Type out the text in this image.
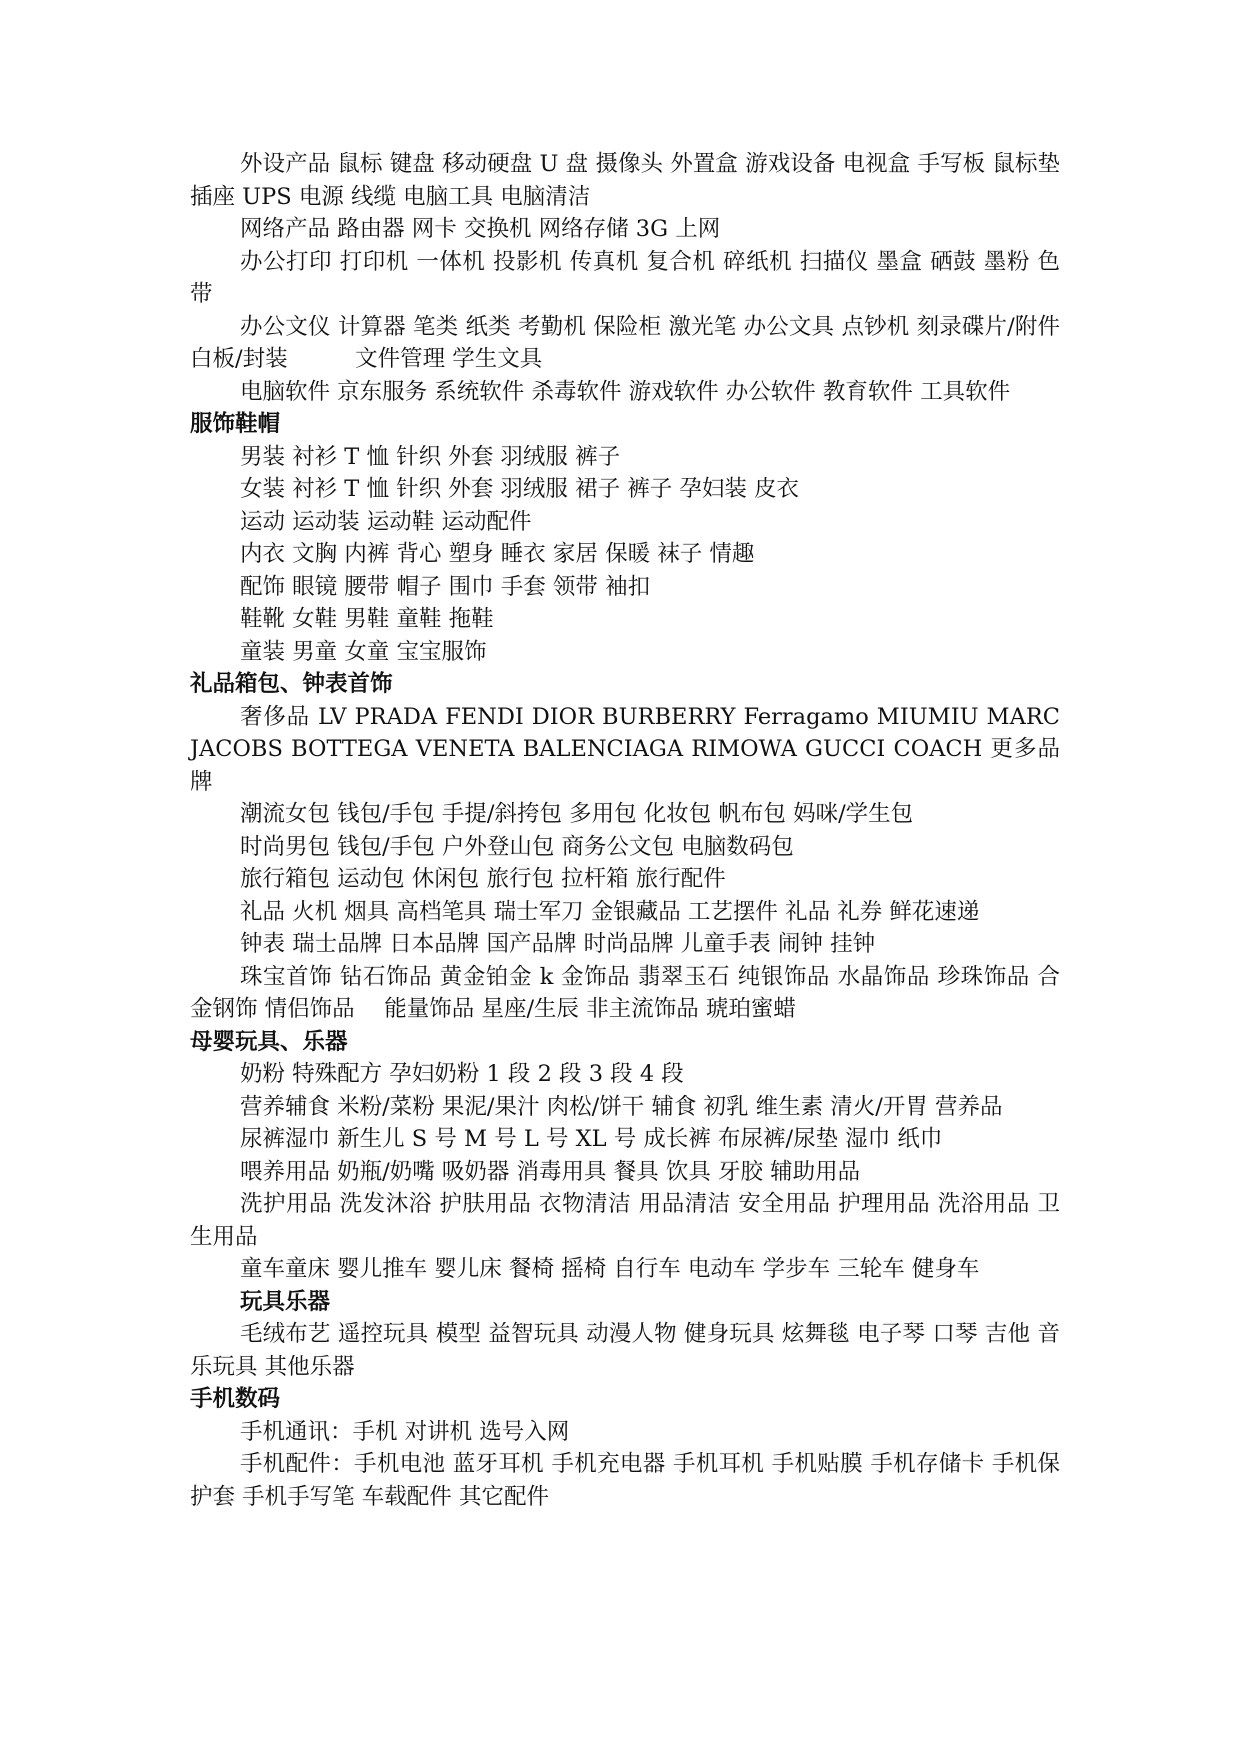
外设产品 鼠标 键盘 移动硬盘 U 盘 摄像头 外置盒 游戏设备 电视盒 手写板 鼠标垫 插座 UPS 电源 线缆 电脑工具 电脑清洁

网络产品 路由器 网卡 交换机 网络存储 3G 上网

办公打印 打印机 一体机 投影机 传真机 复合机 碎纸机 扫描仪 墨盒 硒鼓 墨粉 色带

办公文仪 计算器 笔类 纸类 考勤机 保险柜 激光笔 办公文具 点钞机 刻录碟片/附件 白板/封装　　　文件管理 学生文具

电脑软件 京东服务 系统软件 杀毒软件 游戏软件 办公软件 教育软件 工具软件

服饰鞋帽

男装 衬衫 T 恤 针织 外套 羽绒服 裤子

女装 衬衫 T 恤 针织 外套 羽绒服 裙子 裤子 孕妇装 皮衣

运动 运动装 运动鞋 运动配件

内衣 文胸 内裤 背心 塑身 睡衣 家居 保暖 袜子 情趣

配饰 眼镜 腰带 帽子 围巾 手套 领带 袖扣

鞋靴 女鞋 男鞋 童鞋 拖鞋

童装 男童 女童 宝宝服饰

礼品箱包、钟表首饰

奢侈品 LV PRADA FENDI DIOR BURBERRY Ferragamo MIUMIU MARC JACOBS BOTTEGA VENETA BALENCIAGA RIMOWA GUCCI COACH 更多品牌

潮流女包 钱包/手包 手提/斜挎包 多用包 化妆包 帆布包 妈咪/学生包

时尚男包 钱包/手包 户外登山包 商务公文包 电脑数码包

旅行箱包 运动包 休闲包 旅行包 拉杆箱 旅行配件

礼品 火机 烟具 高档笔具 瑞士军刀 金银藏品 工艺摆件 礼品 礼券 鲜花速递

钟表 瑞士品牌 日本品牌 国产品牌 时尚品牌 儿童手表 闹钟 挂钟

珠宝首饰 钻石饰品 黄金铂金 k 金饰品 翡翠玉石 纯银饰品 水晶饰品 珍珠饰品 合金钢饰 情侣饰品　 能量饰品 星座/生辰 非主流饰品 琥珀蜜蜡

母婴玩具、乐器

奶粉 特殊配方 孕妇奶粉 1 段 2 段 3 段 4 段

营养辅食 米粉/菜粉 果泥/果汁 肉松/饼干 辅食 初乳 维生素 清火/开胃 营养品

尿裤湿巾 新生儿 S 号 M 号 L 号 XL 号 成长裤 布尿裤/尿垫 湿巾 纸巾

喂养用品 奶瓶/奶嘴 吸奶器 消毒用具 餐具 饮具 牙胶 辅助用品

洗护用品 洗发沐浴 护肤用品 衣物清洁 用品清洁 安全用品 护理用品 洗浴用品 卫生用品

童车童床 婴儿推车 婴儿床 餐椅 摇椅 自行车 电动车 学步车 三轮车 健身车

玩具乐器

毛绒布艺 遥控玩具 模型 益智玩具 动漫人物 健身玩具 炫舞毯 电子琴 口琴 吉他 音乐玩具 其他乐器

手机数码

手机通讯：手机 对讲机 选号入网

手机配件：手机电池 蓝牙耳机 手机充电器 手机耳机 手机贴膜 手机存储卡 手机保护套 手机手写笔 车载配件 其它配件
